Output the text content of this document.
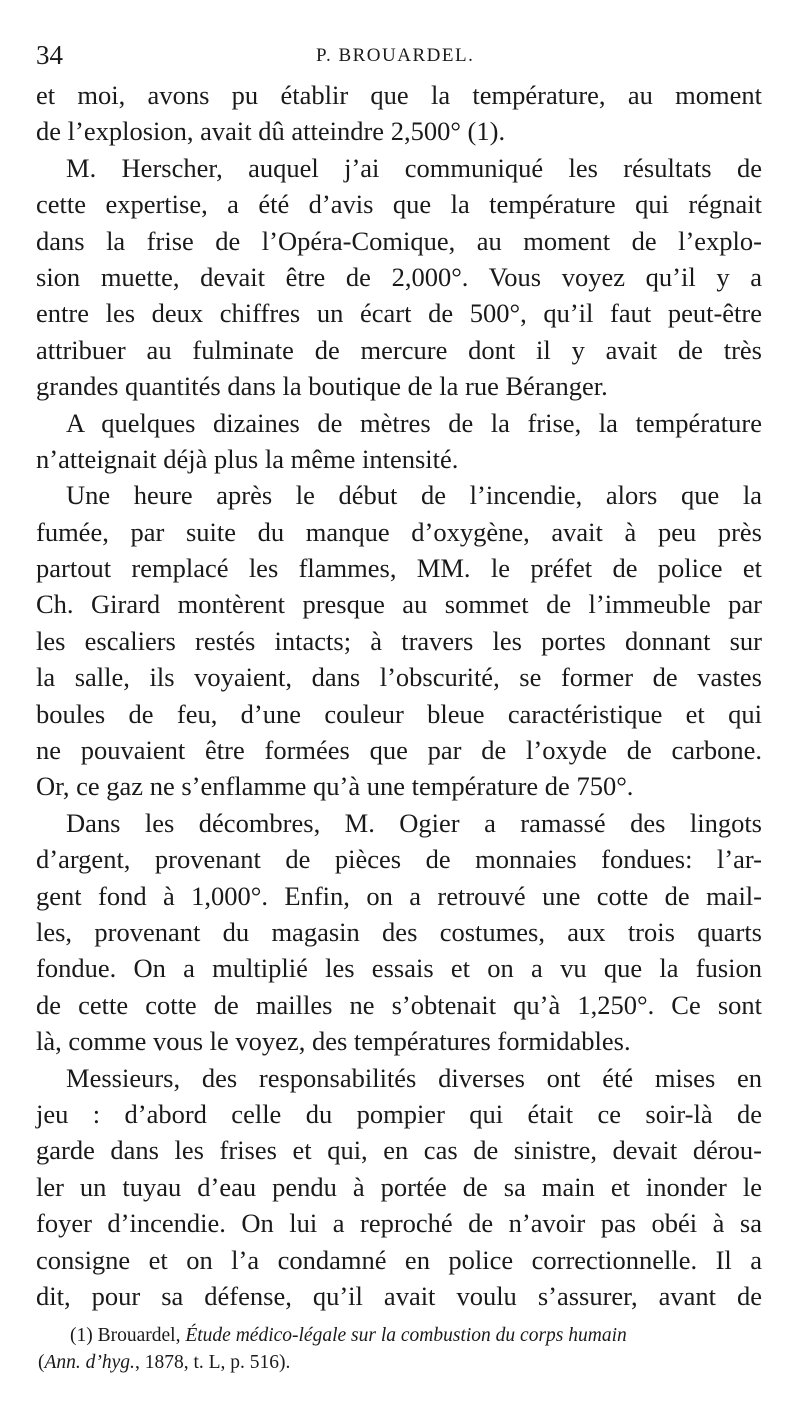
34	P. BROUARDEL.
et moi, avons pu établir que la température, au moment
de l’explosion, avait dû atteindre 2,500° (1).
M. Herscher, auquel j’ai communiqué les résultats de
cette expertise, a été d’avis que la température qui régnait
dans la frise de l’Opéra-Comique, au moment de l’explo-
sion muette, devait être de 2,000°. Vous voyez qu’il y a
entre les deux chiffres un écart de 500°, qu’il faut peut-être
attribuer au fulminate de mercure dont il y avait de très
grandes quantités dans la boutique de la rue Béranger.
A quelques dizaines de mètres de la frise, la température
n’atteignait déjà plus la même intensité.
Une heure après le début de l’incendie, alors que la
fumée, par suite du manque d’oxygène, avait à peu près
partout remplacé les flammes, MM. le préfet de police et
Ch. Girard montèrent presque au sommet de l’immeuble par
les escaliers restés intacts; à travers les portes donnant sur
la salle, ils voyaient, dans l’obscurité, se former de vastes
boules de feu, d’une couleur bleue caractéristique et qui
ne pouvaient être formées que par de l’oxyde de carbone.
Or, ce gaz ne s’enflamme qu’à une température de 750°.
Dans les décombres, M. Ogier a ramassé des lingots
d’argent, provenant de pièces de monnaies fondues: l’ar-
gent fond à 1,000°. Enfin, on a retrouvé une cotte de mail-
les, provenant du magasin des costumes, aux trois quarts
fondue. On a multiplié les essais et on a vu que la fusion
de cette cotte de mailles ne s’obtenait qu’à 1,250°. Ce sont
là, comme vous le voyez, des températures formidables.
Messieurs, des responsabilités diverses ont été mises en
jeu : d’abord celle du pompier qui était ce soir-là de
garde dans les frises et qui, en cas de sinistre, devait dérou-
ler un tuyau d’eau pendu à portée de sa main et inonder le
foyer d’incendie. On lui a reproché de n’avoir pas obéi à sa
consigne et on l’a condamné en police correctionnelle. Il a
dit, pour sa défense, qu’il avait voulu s’assurer, avant de
(1) Brouardel, Étude médico-légale sur la combustion du corps humain
(Ann. d’hyg., 1878, t. L, p. 516).
